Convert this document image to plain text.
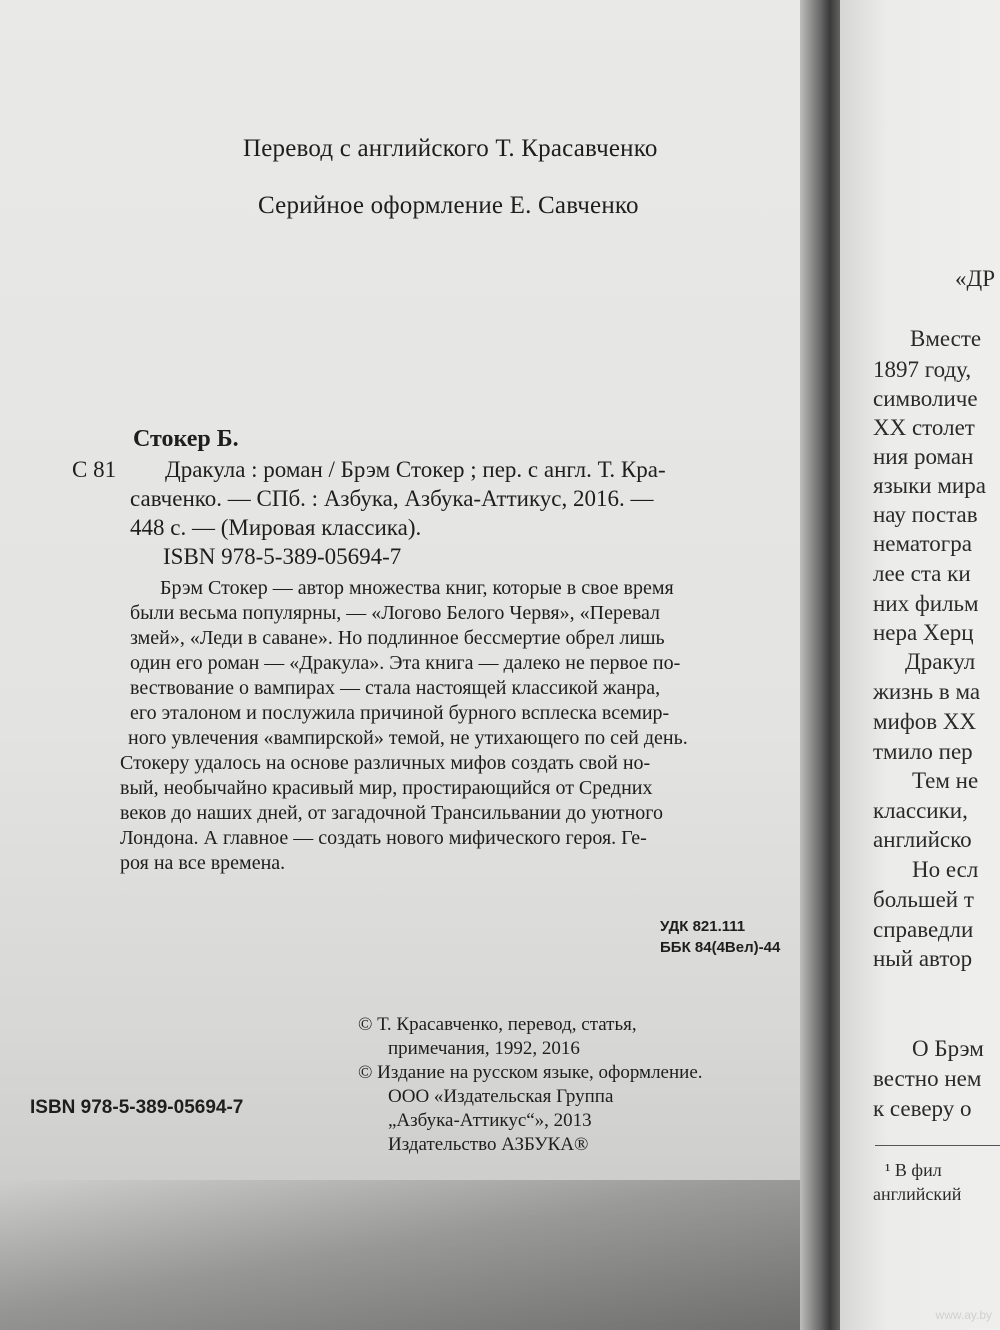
Перевод с английского Т. Красавченко
Серийное оформление Е. Савченко
Стокер Б.
С 81 Дракула : роман / Брэм Стокер ; пер. с англ. Т. Кра-
савченко. — СПб. : Азбука, Азбука-Аттикус, 2016. —
448 с. — (Мировая классика).
ISBN 978-5-389-05694-7
Брэм Стокер — автор множества книг, которые в свое время
были весьма популярны, — «Логово Белого Червя», «Перевал
змей», «Леди в саване». Но подлинное бессмертие обрел лишь
один его роман — «Дракула». Эта книга — далеко не первое по-
вествование о вампирах — стала настоящей классикой жанра,
его эталоном и послужила причиной бурного всплеска всемир-
ного увлечения «вампирской» темой, не утихающего по сей день.
Стокеру удалось на основе различных мифов создать свой но-
вый, необычайно красивый мир, простирающийся от Средних
веков до наших дней, от загадочной Трансильвании до уютного
Лондона. А главное — создать нового мифического героя. Ге-
роя на все времена.
УДК 821.111
ББК 84(4Вел)-44
© Т. Красавченко, перевод, статья,
примечания, 1992, 2016
© Издание на русском языке, оформление.
ООО «Издательская Группа
„Азбука-Аттикус“», 2013
Издательство АЗБУКА®
ISBN 978-5-389-05694-7
«ДР
Вместе
1897 году,
символиче
XX столет
ния роман
языки мира
нау постав
нематогра
лее ста ки
них фильм
нера Херц
Дракул
жизнь в ма
мифов XX
тмило пер
Тем не
классики,
английско
Но есл
большей т
справедли
ный автор
О Брэм
вестно нем
к северу о
¹ В фил
английский
www.ay.by
